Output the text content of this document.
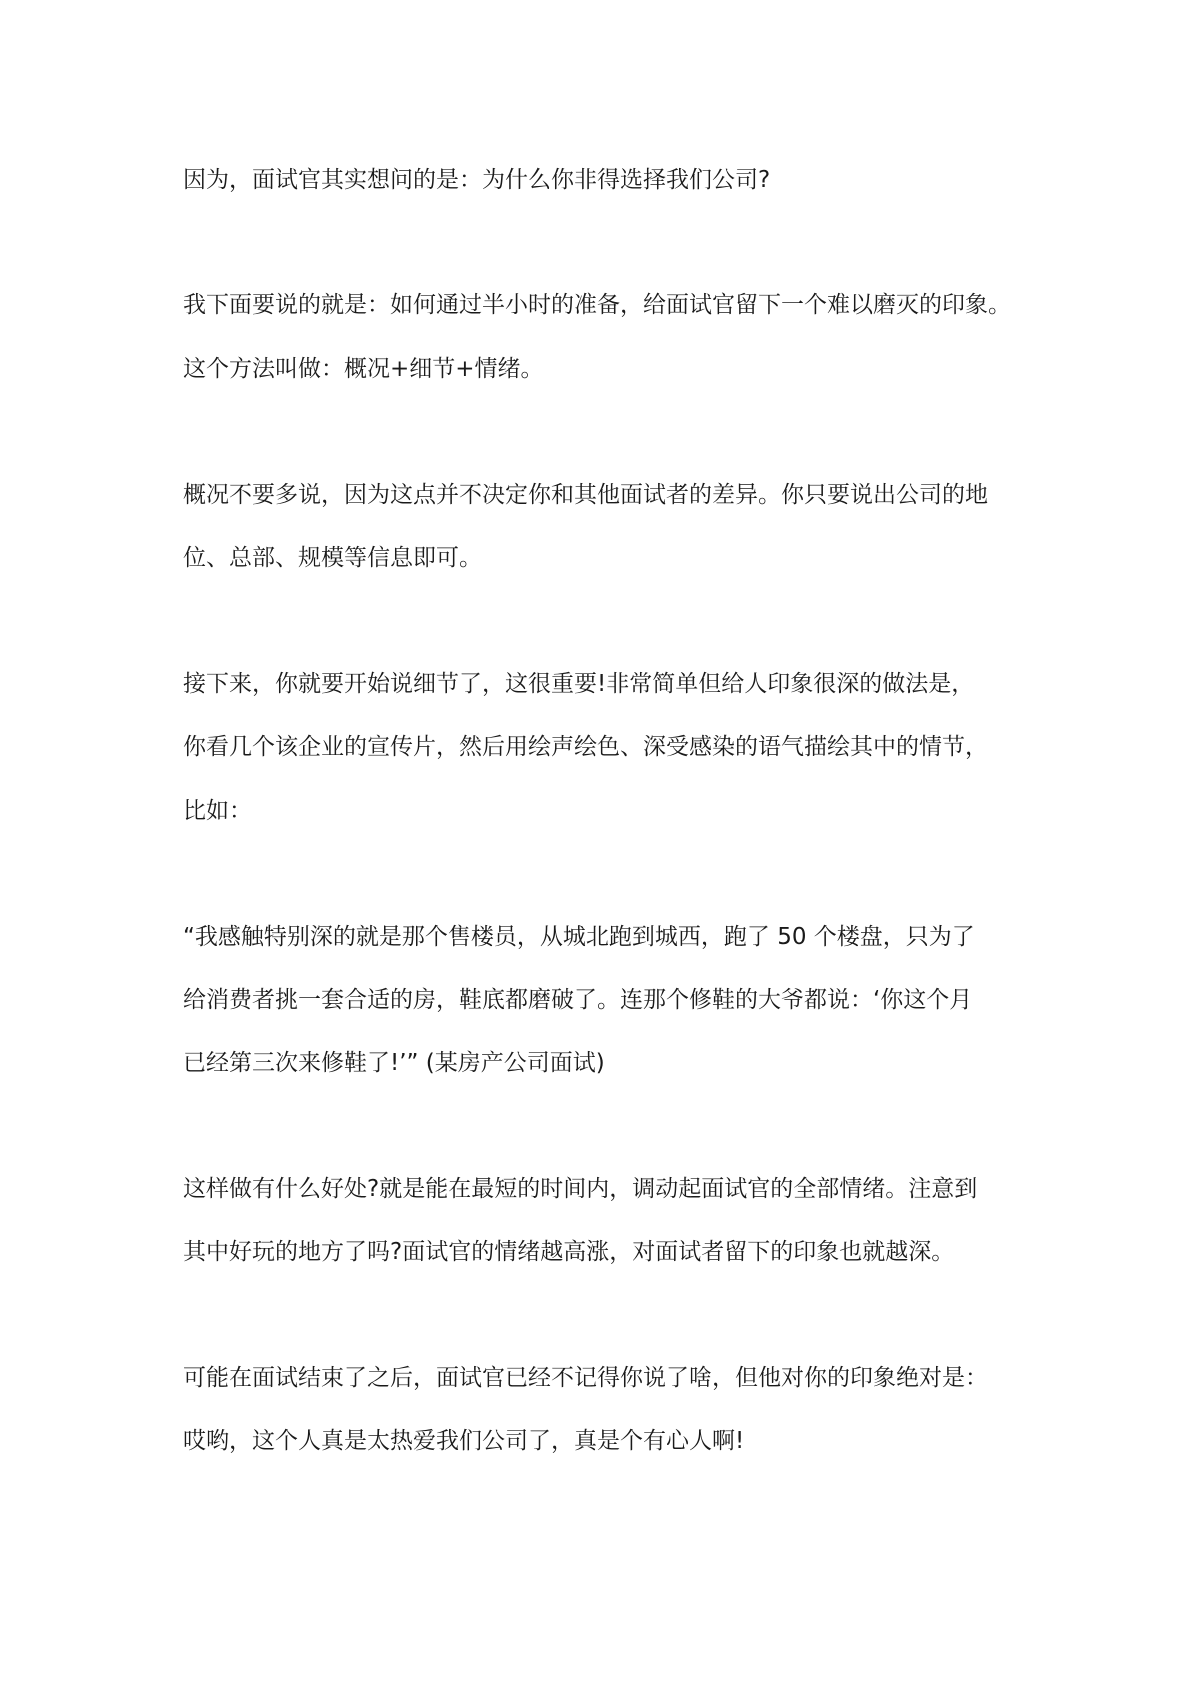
因为，面试官其实想问的是：为什么你非得选择我们公司?

我下面要说的就是：如何通过半小时的准备，给面试官留下一个难以磨灭的印象。

这个方法叫做：概况+细节+情绪。

概况不要多说，因为这点并不决定你和其他面试者的差异。你只要说出公司的地

位、总部、规模等信息即可。

接下来，你就要开始说细节了，这很重要!非常简单但给人印象很深的做法是，

你看几个该企业的宣传片，然后用绘声绘色、深受感染的语气描绘其中的情节，

比如：

“我感触特别深的就是那个售楼员，从城北跑到城西，跑了 50 个楼盘，只为了

给消费者挑一套合适的房，鞋底都磨破了。连那个修鞋的大爷都说：‘你这个月

已经第三次来修鞋了!’” (某房产公司面试)

这样做有什么好处?就是能在最短的时间内，调动起面试官的全部情绪。注意到

其中好玩的地方了吗?面试官的情绪越高涨，对面试者留下的印象也就越深。

可能在面试结束了之后，面试官已经不记得你说了啥，但他对你的印象绝对是：

哎哟，这个人真是太热爱我们公司了，真是个有心人啊!
